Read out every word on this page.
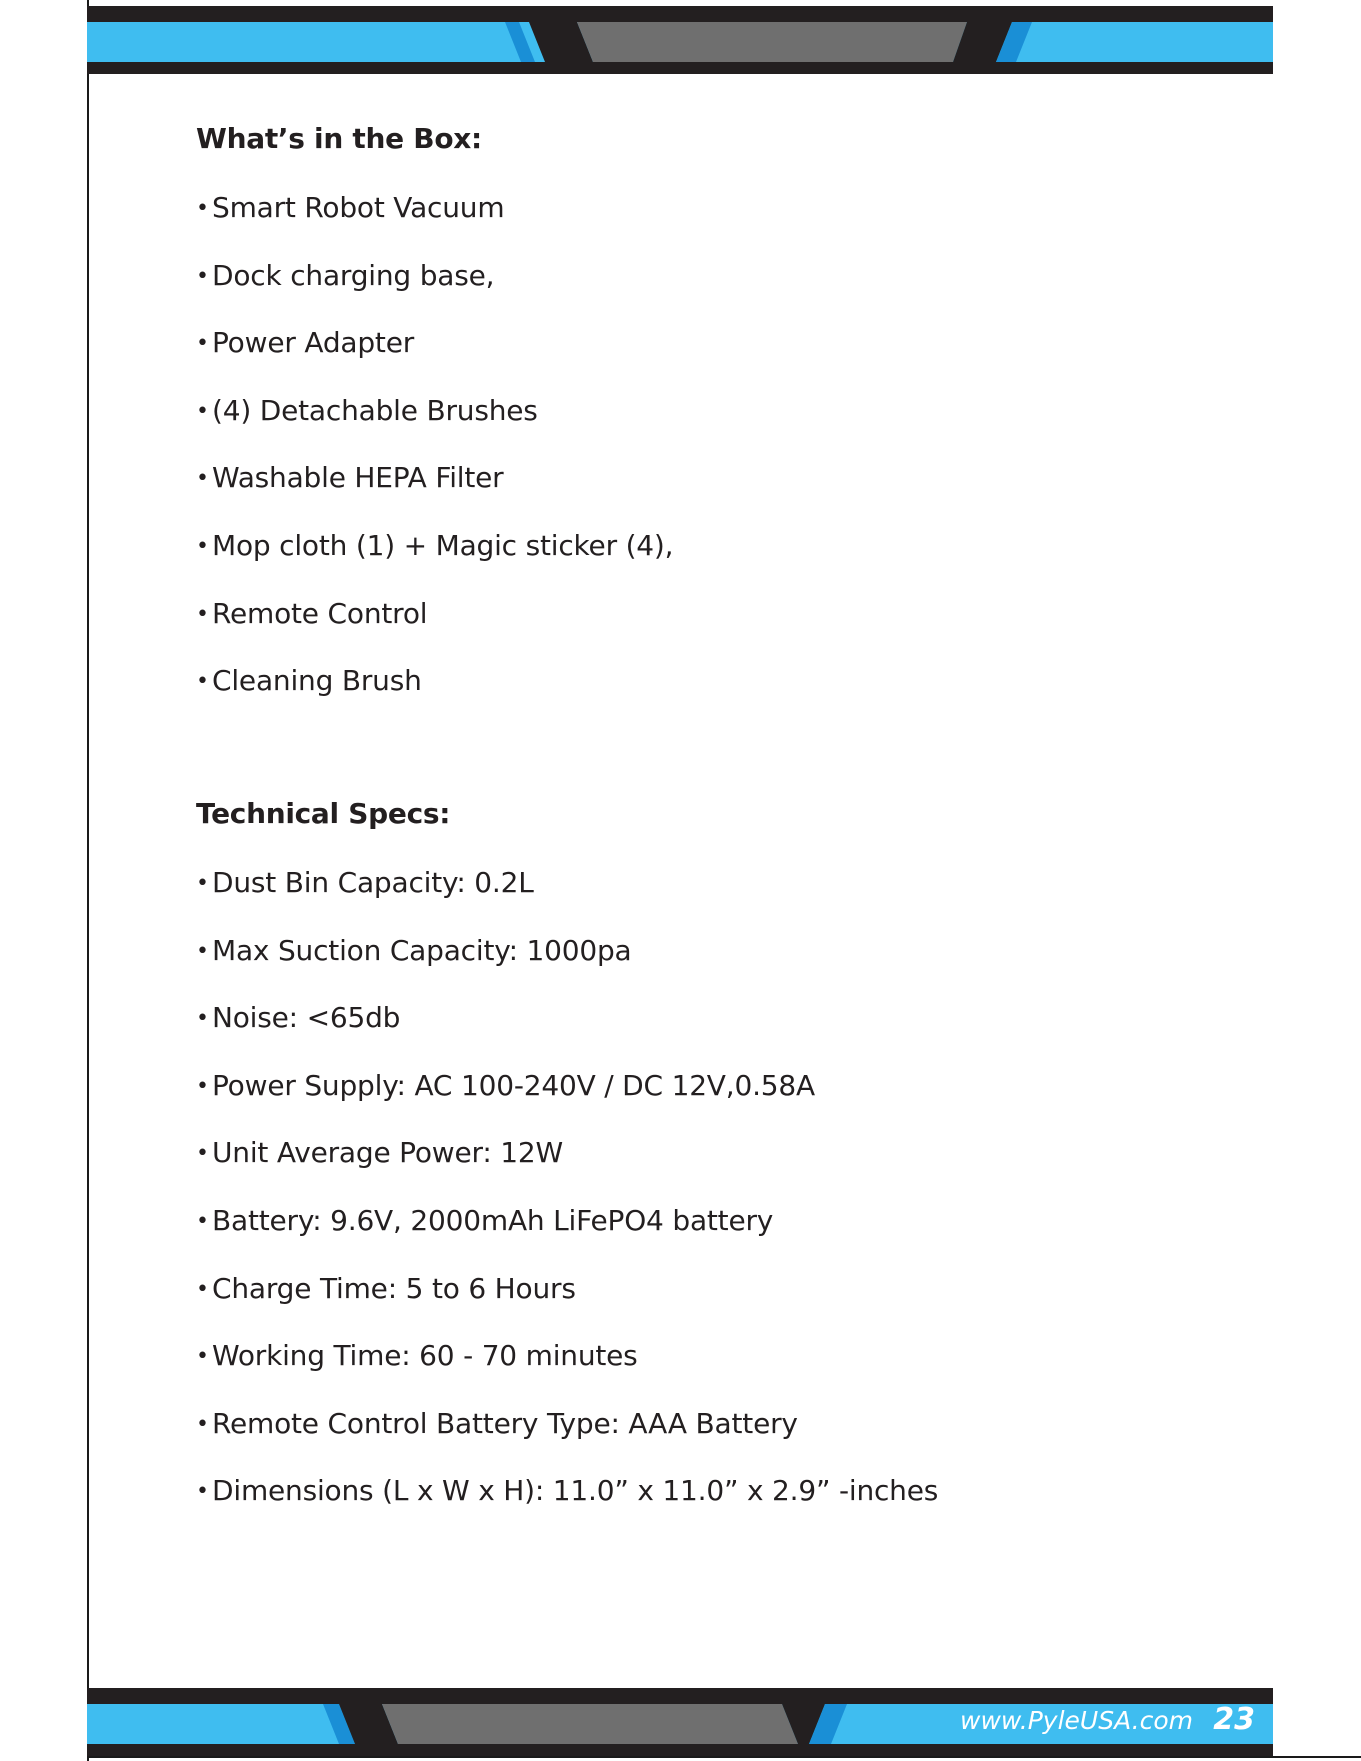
What’s in the Box:
• Smart Robot Vacuum
• Dock charging base,
• Power Adapter
• (4) Detachable Brushes
• Washable HEPA Filter
• Mop cloth (1) + Magic sticker (4),
• Remote Control
• Cleaning Brush
Technical Specs:
• Dust Bin Capacity: 0.2L
• Max Suction Capacity: 1000pa
• Noise: <65db
• Power Supply: AC 100-240V / DC 12V,0.58A
• Unit Average Power: 12W
• Battery: 9.6V, 2000mAh LiFePO4 battery
• Charge Time: 5 to 6 Hours
• Working Time: 60 - 70 minutes
• Remote Control Battery Type: AAA Battery
• Dimensions (L x W x H): 11.0” x 11.0” x 2.9” -inches
www.PyleUSA.com 23
